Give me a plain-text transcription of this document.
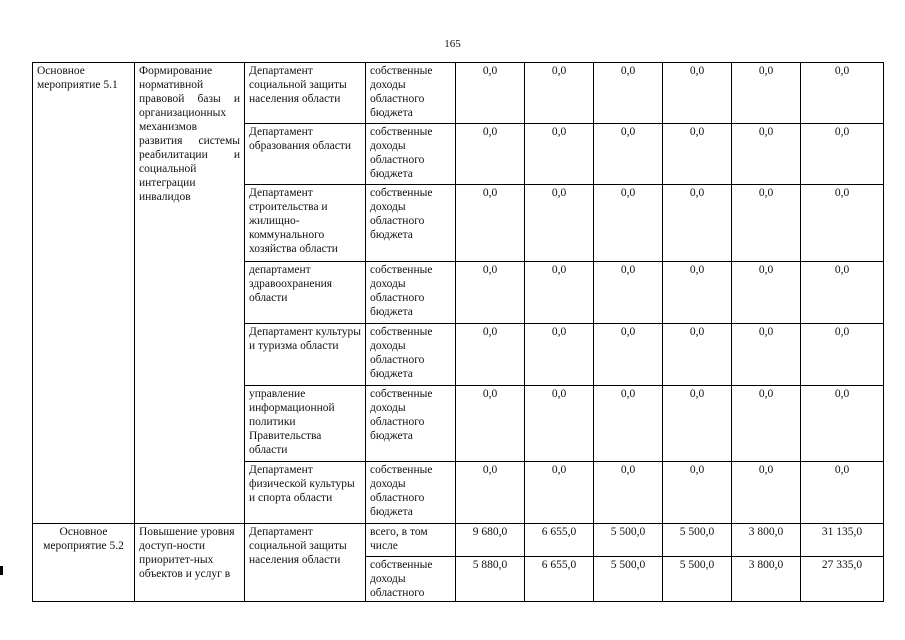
165
Основное мероприятие 5.1	Формирование нормативной правовой базы и организационных механизмов развития системы реабилитации и социальной интеграции инвалидов	Департамент социальной защиты населения области	собственные доходы областного бюджета	0,0	0,0	0,0	0,0	0,0	0,0
		Департамент образования области	собственные доходы областного бюджета	0,0	0,0	0,0	0,0	0,0	0,0
		Департамент строительства и жилищно-коммунального хозяйства области	собственные доходы областного бюджета	0,0	0,0	0,0	0,0	0,0	0,0
		департамент здравоохранения области	собственные доходы областного бюджета	0,0	0,0	0,0	0,0	0,0	0,0
		Департамент культуры и туризма области	собственные доходы областного бюджета	0,0	0,0	0,0	0,0	0,0	0,0
		управление информационной политики Правительства области	собственные доходы областного бюджета	0,0	0,0	0,0	0,0	0,0	0,0
		Департамент физической культуры и спорта области	собственные доходы областного бюджета	0,0	0,0	0,0	0,0	0,0	0,0
Основное мероприятие 5.2	Повышение уровня доступ-ности приоритет-ных объектов и услуг в	Департамент социальной защиты населения области	всего, в том числе	9 680,0	6 655,0	5 500,0	5 500,0	3 800,0	31 135,0
			собственные доходы областного	5 880,0	6 655,0	5 500,0	5 500,0	3 800,0	27 335,0
